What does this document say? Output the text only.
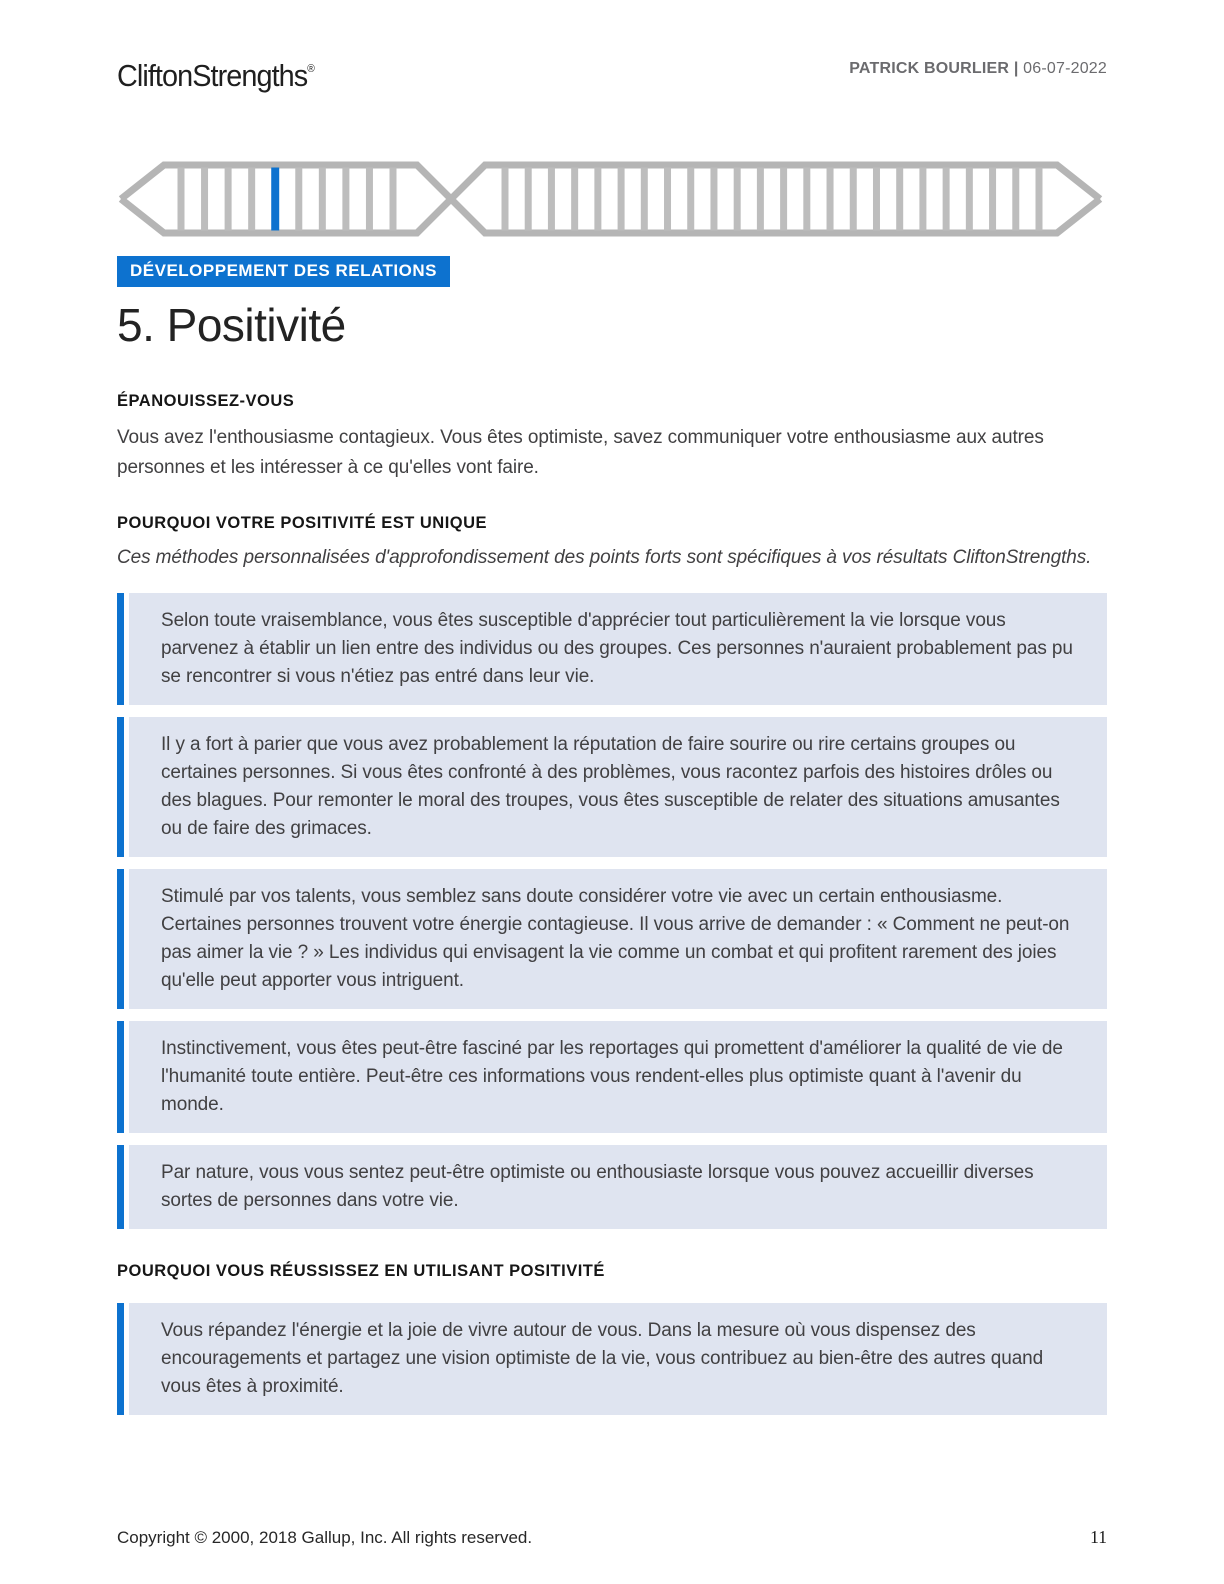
CliftonStrengths®	PATRICK BOURLIER | 06-07-2022
DÉVELOPPEMENT DES RELATIONS
5. Positivité
ÉPANOUISSEZ-VOUS

Vous avez l'enthousiasme contagieux. Vous êtes optimiste, savez communiquer votre enthousiasme aux autres personnes et les intéresser à ce qu'elles vont faire.

POURQUOI VOTRE POSITIVITÉ EST UNIQUE

Ces méthodes personnalisées d'approfondissement des points forts sont spécifiques à vos résultats CliftonStrengths.

Selon toute vraisemblance, vous êtes susceptible d'apprécier tout particulièrement la vie lorsque vous parvenez à établir un lien entre des individus ou des groupes. Ces personnes n'auraient probablement pas pu se rencontrer si vous n'étiez pas entré dans leur vie.

Il y a fort à parier que vous avez probablement la réputation de faire sourire ou rire certains groupes ou certaines personnes. Si vous êtes confronté à des problèmes, vous racontez parfois des histoires drôles ou des blagues. Pour remonter le moral des troupes, vous êtes susceptible de relater des situations amusantes ou de faire des grimaces.

Stimulé par vos talents, vous semblez sans doute considérer votre vie avec un certain enthousiasme. Certaines personnes trouvent votre énergie contagieuse. Il vous arrive de demander : « Comment ne peut-on pas aimer la vie ? » Les individus qui envisagent la vie comme un combat et qui profitent rarement des joies qu'elle peut apporter vous intriguent.

Instinctivement, vous êtes peut-être fasciné par les reportages qui promettent d'améliorer la qualité de vie de l'humanité toute entière. Peut-être ces informations vous rendent-elles plus optimiste quant à l'avenir du monde.

Par nature, vous vous sentez peut-être optimiste ou enthousiaste lorsque vous pouvez accueillir diverses sortes de personnes dans votre vie.

POURQUOI VOUS RÉUSSISSEZ EN UTILISANT POSITIVITÉ

Vous répandez l'énergie et la joie de vivre autour de vous. Dans la mesure où vous dispensez des encouragements et partagez une vision optimiste de la vie, vous contribuez au bien-être des autres quand vous êtes à proximité.

Copyright © 2000, 2018 Gallup, Inc. All rights reserved.	11
